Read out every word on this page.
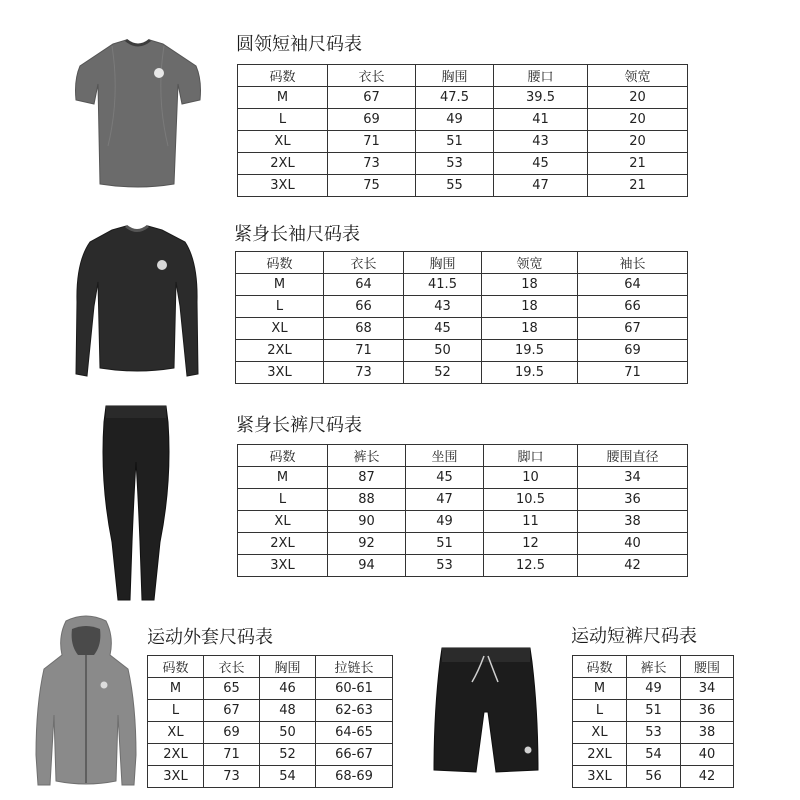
圆领短袖尺码表
紧身长袖尺码表
紧身长裤尺码表
运动外套尺码表	运动短裤尺码表
码数	衣长	胸围	腰口	领宽
M	67	47.5	39.5	20
L	69	49	41	20
XL	71	51	43	20
2XL	73	53	45	21
3XL	75	55	47	21
码数	衣长	胸围	领宽	袖长
M	64	41.5	18	64
L	66	43	18	66
XL	68	45	18	67
2XL	71	50	19.5	69
3XL	73	52	19.5	71
码数	裤长	坐围	脚口	腰围直径
M	87	45	10	34
L	88	47	10.5	36
XL	90	49	11	38
2XL	92	51	12	40
3XL	94	53	12.5	42
码数	衣长	胸围	拉链长
M	65	46	60-61
L	67	48	62-63
XL	69	50	64-65
2XL	71	52	66-67
3XL	73	54	68-69
码数	裤长	腰围
M	49	34
L	51	36
XL	53	38
2XL	54	40
3XL	56	42
